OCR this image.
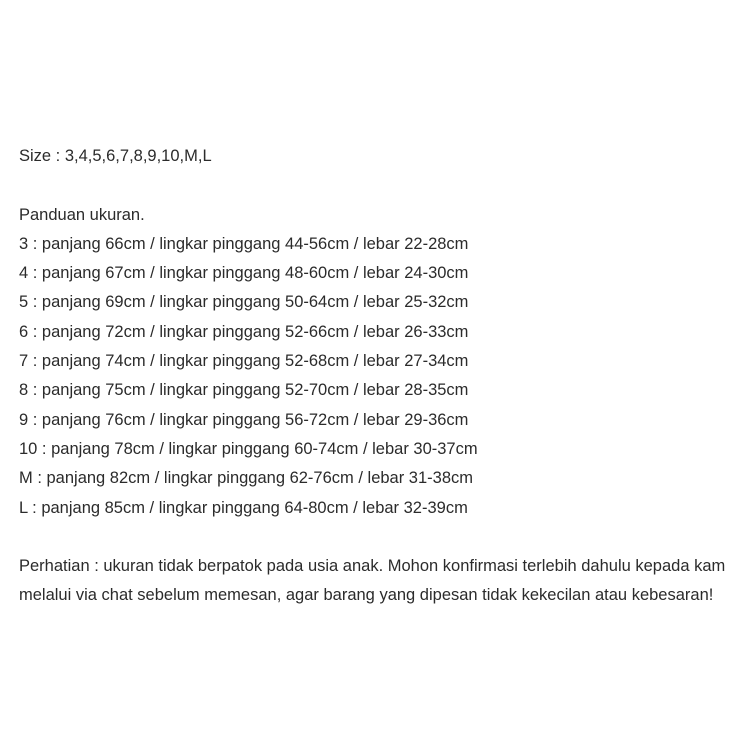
Size : 3,4,5,6,7,8,9,10,M,L
Panduan ukuran.
3 : panjang 66cm / lingkar pinggang 44-56cm / lebar 22-28cm
4 : panjang 67cm / lingkar pinggang 48-60cm / lebar 24-30cm
5 : panjang 69cm / lingkar pinggang 50-64cm / lebar 25-32cm
6 : panjang 72cm / lingkar pinggang 52-66cm / lebar 26-33cm
7 : panjang 74cm / lingkar pinggang 52-68cm / lebar 27-34cm
8 : panjang 75cm / lingkar pinggang 52-70cm / lebar 28-35cm
9 : panjang 76cm / lingkar pinggang 56-72cm / lebar 29-36cm
10 : panjang 78cm / lingkar pinggang 60-74cm / lebar 30-37cm
M : panjang 82cm / lingkar pinggang 62-76cm / lebar 31-38cm
L : panjang 85cm / lingkar pinggang 64-80cm / lebar 32-39cm
Perhatian : ukuran tidak berpatok pada usia anak. Mohon konfirmasi terlebih dahulu kepada kam
melalui via chat sebelum memesan, agar barang yang dipesan tidak kekecilan atau kebesaran!
